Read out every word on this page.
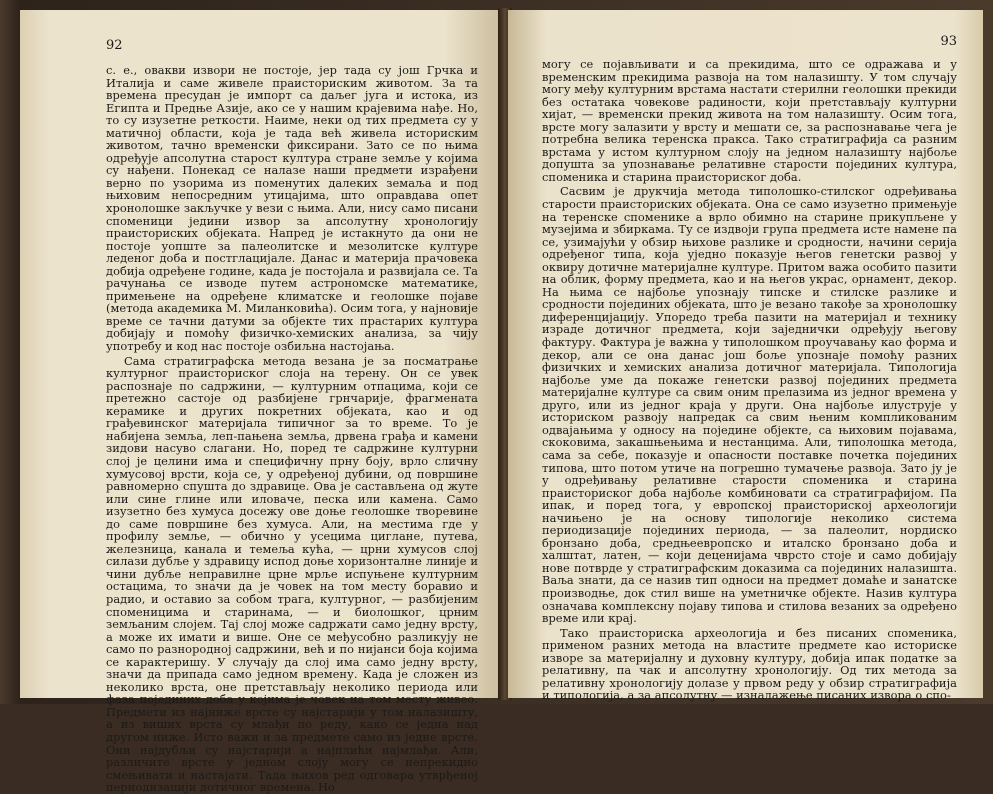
92

с. е., овакви извори не постоје, јер тада су још Грчка и Италија и саме живеле праисториским животом. За та времена пресудан је импорт са даљег југа и истока, из Египта и Предње Азије, ако се у нашим крајевима нађе. Но, то су изузетне реткости. Наиме, неки од тих предмета су у матичној области, која је тада већ живела историским животом, тачно временски фиксирани. Зато се по њима одређује апсолутна старост култура стране земље у којима су нађени. Понекад се налазе наши предмети израђени верно по узорима из поменутих далеких земаља и под њиховим непосредним утицајима, што оправдава опет хронолошке закључке у вези с њима. Али, нису само писани споменици једини извор за апсолутну хронологију праисториских објеката. Напред је истакнуто да они не постоје уопште за палеолитске и мезолитске културе леденог доба и постглацијале. Данас и материја прачовека добија одређене године, када је постојала и развијала се. Та рачунања се изводе путем астрономске математике, примењене на одређене климатске и геолошке појаве (метода академика М. Миланковића). Осим тога, у најновије време се тачни датуми за објекте тих прастарих култура добијају и помоћу физичко-хемиских анализа, за чију употребу и код нас постоје озбиљна настојања.

Сама стратиграфска метода везана је за посматрање културног праисториског слоја на терену. Он се увек распознаје по садржини, — културним отпацима, који се претежно састоје од разбијене грнчарије, фрагмената керамике и других покретних објеката, као и од грађевинског материјала типичног за то време. То је набијена земља, леп-пањена земља, дрвена грађа и камени зидови насуво слагани. Но, поред те садржине културни слој је целини има и специфичну прну боју, врло сличну хумусовој врсти, која се, у одређеној дубини, од површине равномерно спушта до здравице. Ова је састављена од жуте или сине глине или иловаче, песка или камена. Само изузетно без хумуса досежу ове доње геолошке творевине до саме површине без хумуса. Али, на местима где у профилу земље, — обично у усецима циглане, путева, железница, канала и темеља кућа, — црни хумусов слој силази дубље у здравицу испод доње хоризонталне линије и чини дубље неправилне црне мрље испуњене културним остацима, то значи да је човек на том месту боравио и радио, и оставио за собом трага, културног, — разбијеним споменицима и старинама, — и биолошког, црним земљаним слојем. Тај слој може садржати само једну врсту, а може их имати и више. Оне се међусобно разликују не само по разнородној садржини, већ и по нијанси боја којима се карактеришу. У случају да слој има само једну врсту, значи да припада само једном времену. Када је сложен из неколико врста, оне претстављају неколико периода или фаза појединих доба у којима је човек на том месту живео. Предмети из најниже врсте су најстарији у том налазишту, а из виших врста су млађи по реду, како се једна над другом ниже. Исто важи и за предмете само из једне врсте. Они најдубљи су најстарији а најплићи најмлађи. Али, различите врсте у једном слоју могу се непрекидно смењивати и настајати. Тада њихов ред одговара утврђеној периодизацији дотичног времена. Но

93

могу се појављивати и са прекидима, што се одражава и у временским прекидима развоја на том налазишту. У том случају могу међу културним врстама настати стерилни геолошки прекиди без остатака човекове радиности, који претстављају културни хијат, — временски прекид живота на том налазишту. Осим тога, врсте могу залазити у врсту и мешати се, за распознавање чега је потребна велика теренска пракса. Тако стратиграфија са разним врстама у истом културном слоју на једном налазишту најбоље допушта за упознавање релативне старости појединих култура, споменика и старина праисториског доба.

Сасвим је друкчија метода типолошко-стилског одређивања старости праисториских објеката. Она се само изузетно примењује на теренске споменике а врло обимно на старине прикупљене у музејима и збиркама. Ту се издвоји група предмета исте намене па се, узимајући у обзир њихове разлике и сродности, начини серија одређеног типа, која уједно показује његов генетски развој у оквиру дотичне материјалне културе. Притом важа особито пазити на облик, форму предмета, као и на његов украс, орнамент, декор. На њима се најбоље упознају типске и стилске разлике и сродности појединих објеката, што је везано такође за хронолошку диференцијацију. Упоредо треба пазити на материјал и технику израде дотичног предмета, који заједнички одређују његову фактуру. Фактура је важна у типолошком проучавању као форма и декор, али се она данас још боље упознаје помоћу разних физичких и хемиских анализа дотичног материјала. Типологија најбоље уме да покаже генетски развој појединих предмета материјалне културе са свим оним прелазима из једног времена у друго, или из једног краја у други. Она најбоље илуструје у историском развоју напредак са свим њеним компликованим одвајањима у односу на поједине објекте, са њиховим појавама, скоковима, закашњењима и нестанцима. Али, типолошка метода, сама за себе, показује и опасности поставке почетка појединих типова, што потом утиче на погрешно тумачење развоја. Зато ју је у одређивању релативне старости споменика и старина праисториског доба најбоље комбиновати са стратиграфијом. Па ипак, и поред тога, у европској праисториској археологији начињено је на основу типологије неколико система периодизације појединих периода, — за палеолит, нордиско бронзано доба, средњеевропско и италско бронзано доба и халштат, латен, — који деценијама чврсто стоје и само добијају нове потврде у стратиграфским доказима са појединих налазишта. Ваља знати, да се назив тип односи на предмет домаће и занатске производње, док стил више на уметничке објекте. Назив култура означава комплексну појаву типова и стилова везаних за одређено време или крај.

Тако праисториска археологија и без писаних споменика, применом разних метода на властите предмете као историске изворе за материјалну и духовну културу, добија ипак податке за релативну, па чак и апсолутну хронологију. Од тих метода за релативну хронологију долазе у првом реду у обзир стратиграфија и типологија, а за апсолутну — изналажење писаних извора о спо-
